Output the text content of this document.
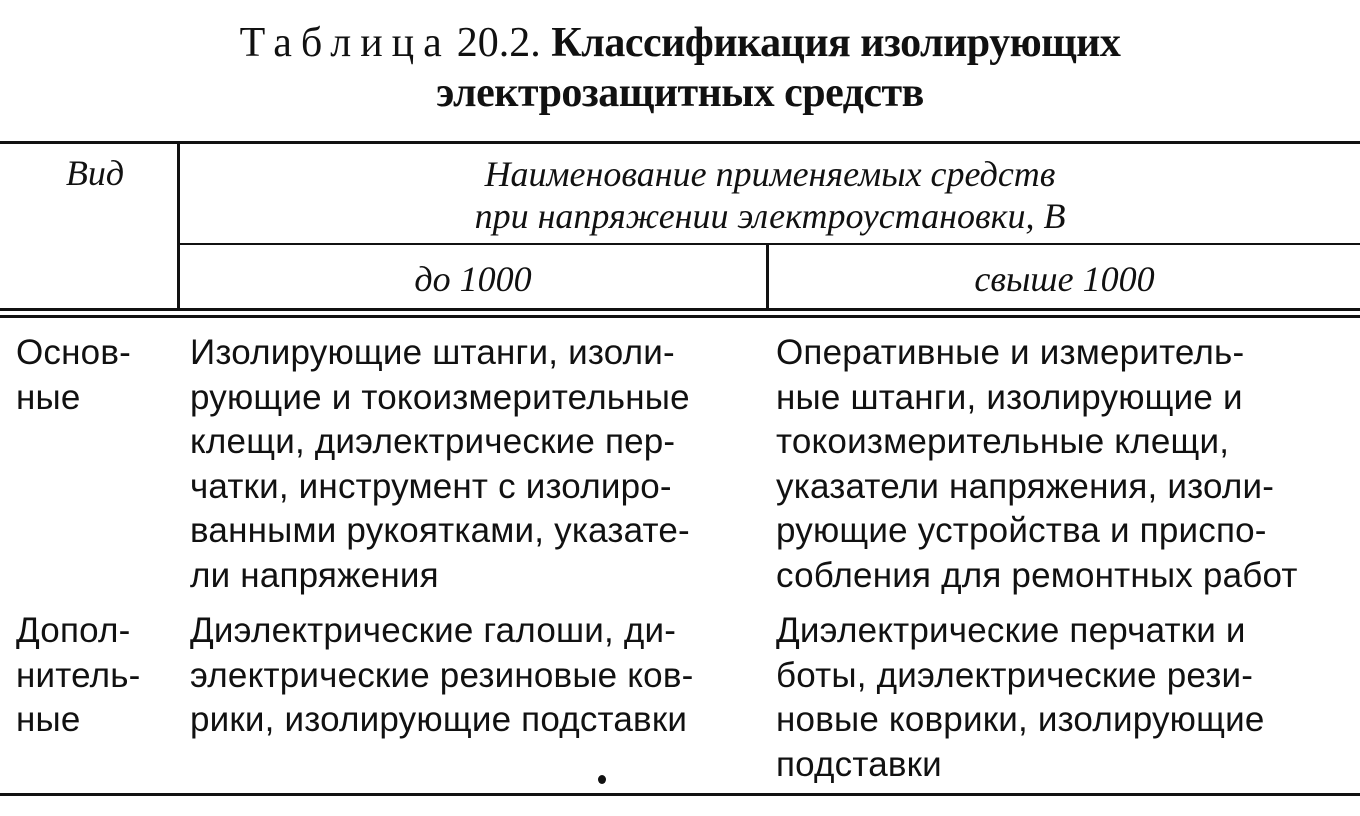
Таблица 20.2. Классификация изолирующих
электрозащитных средств
Вид	Наименование применяемых средств
при напряжении электроустановки, В
до 1000	свыше 1000
Основ-
ные
Изолирующие штанги, изоли-
рующие и токоизмерительные
клещи, диэлектрические пер-
чатки, инструмент с изолиро-
ванными рукоятками, указате-
ли напряжения
Оперативные и измеритель-
ные штанги, изолирующие и
токоизмерительные клещи,
указатели напряжения, изоли-
рующие устройства и приспо-
собления для ремонтных работ
Допол-
нитель-
ные
Диэлектрические галоши, ди-
электрические резиновые ков-
рики, изолирующие подставки
Диэлектрические перчатки и
боты, диэлектрические рези-
новые коврики, изолирующие
подставки
